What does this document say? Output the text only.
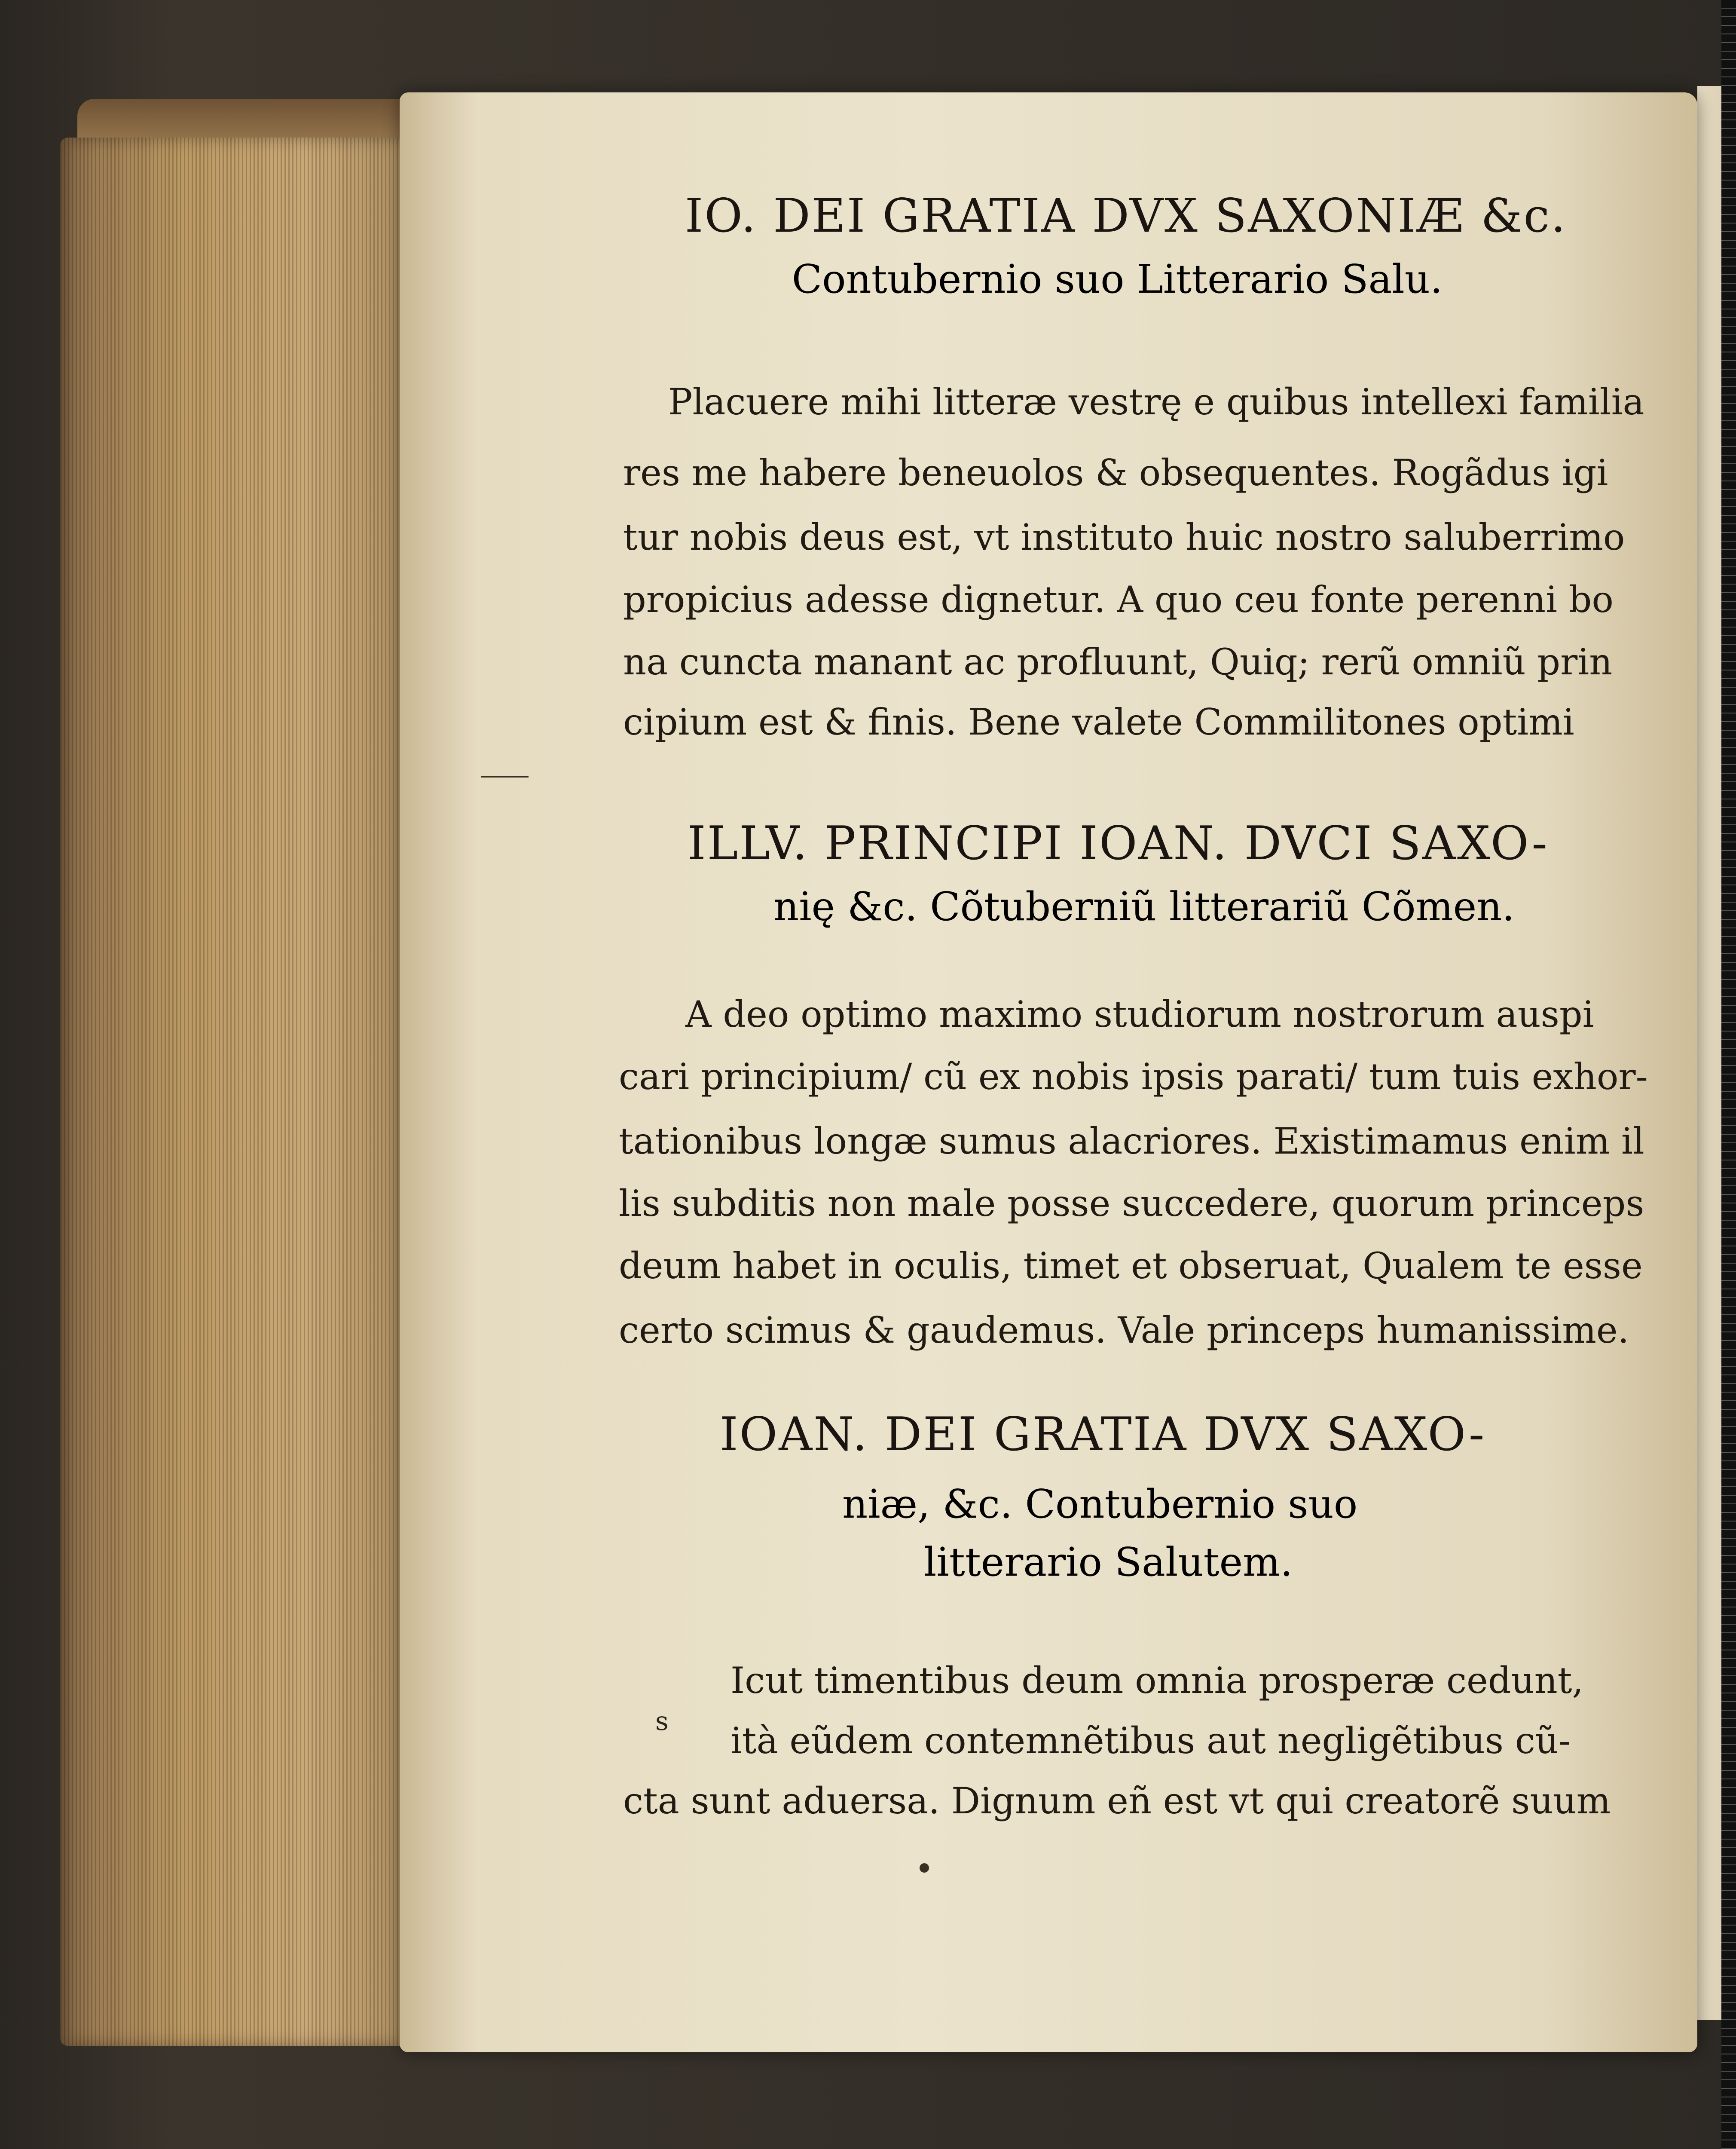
IO. DEI GRATIA DVX SAXONIÆ &c.
Contubernio suo Litterario Salu.
Placuere mihi litteræ vestrę e quibus intellexi familia
res me habere beneuolos & obsequentes. Rogãdus igi
tur nobis deus est, vt instituto huic nostro saluberrimo
propicius adesse dignetur. A quo ceu fonte perenni bo
na cuncta manant ac profluunt, Quiq; rerũ omniũ prin
cipium est & finis. Bene valete Commilitones optimi
ILLV. PRINCIPI IOAN. DVCI SAXO-
nię &c. Cõtuberniũ litterariũ Cõmen.
A deo optimo maximo studiorum nostrorum auspi
cari principium/ cũ ex nobis ipsis parati/ tum tuis exhor-
tationibus longæ sumus alacriores. Existimamus enim il
lis subditis non male posse succedere, quorum princeps
deum habet in oculis, timet et obseruat, Qualem te esse
certo scimus & gaudemus. Vale princeps humanissime.
IOAN. DEI GRATIA DVX SAXO-
niæ, &c. Contubernio suo
litterario Salutem.
Icut timentibus deum omnia prosperæ cedunt,
ità eũdem contemnẽtibus aut negligẽtibus cũ-
cta sunt aduersa. Dignum eñ est vt qui creatorẽ suum
s
